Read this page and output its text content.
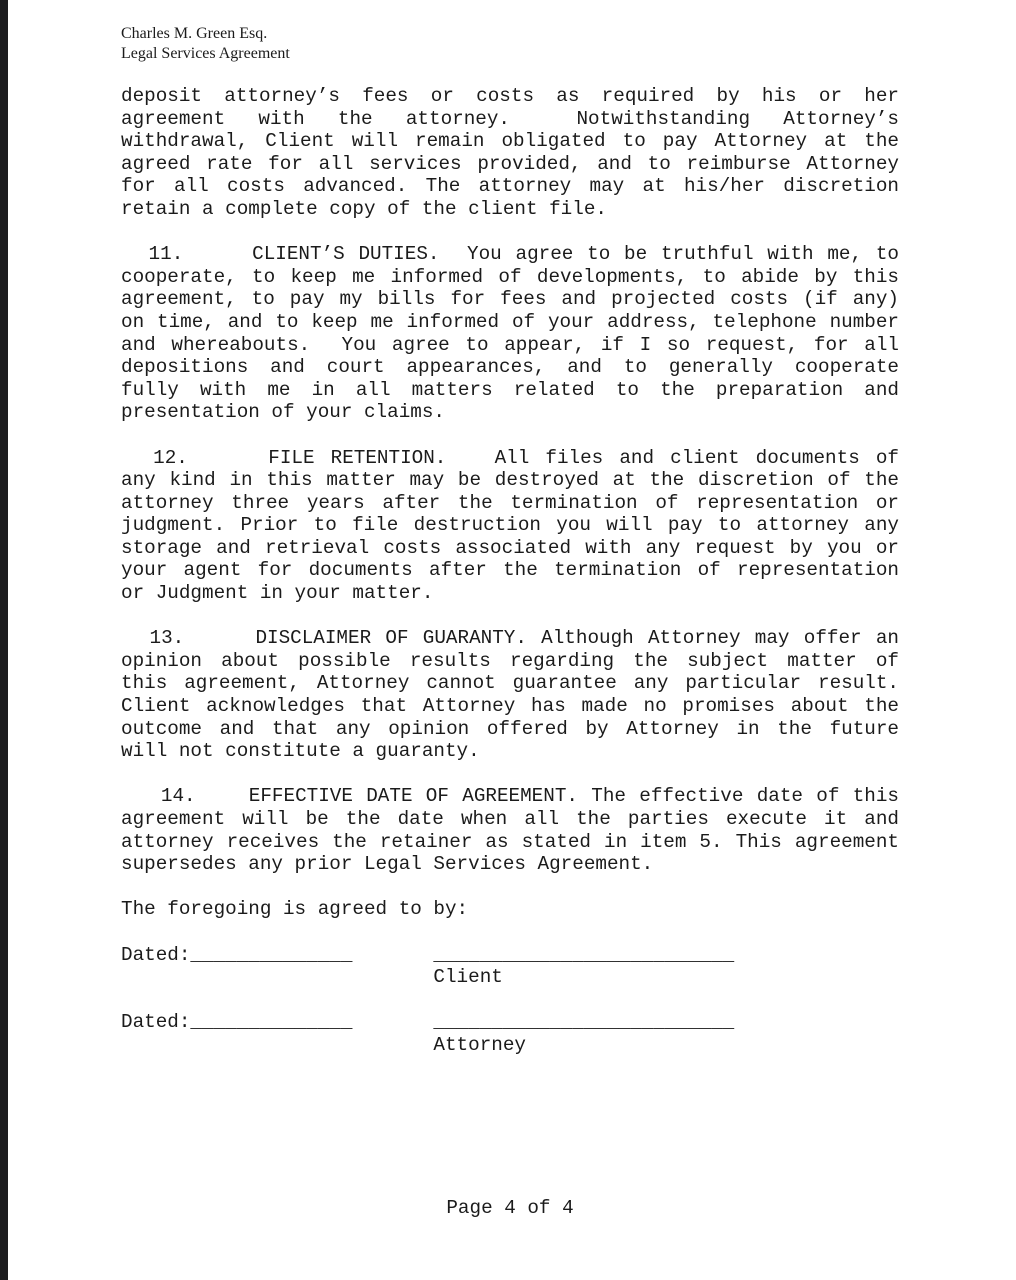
Charles M. Green Esq.
Legal Services Agreement
deposit attorney’s fees or costs as required by his or her
agreement with the attorney.  Notwithstanding Attorney’s
withdrawal, Client will remain obligated to pay Attorney at the
agreed rate for all services provided, and to reimburse Attorney
for all costs advanced. The attorney may at his/her discretion
retain a complete copy of the client file.
11.     CLIENT’S DUTIES.  You agree to be truthful with me, to
cooperate, to keep me informed of developments, to abide by this
agreement, to pay my bills for fees and projected costs (if any)
on time, and to keep me informed of your address, telephone number
and whereabouts.  You agree to appear, if I so request, for all
depositions and court appearances, and to generally cooperate
fully with me in all matters related to the preparation and
presentation of your claims.
12.     FILE RETENTION.   All files and client documents of
any kind in this matter may be destroyed at the discretion of the
attorney three years after the termination of representation or
judgment. Prior to file destruction you will pay to attorney any
storage and retrieval costs associated with any request by you or
your agent for documents after the termination of representation
or Judgment in your matter.
13.     DISCLAIMER OF GUARANTY. Although Attorney may offer an
opinion about possible results regarding the subject matter of
this agreement, Attorney cannot guarantee any particular result.
Client acknowledges that Attorney has made no promises about the
outcome and that any opinion offered by Attorney in the future
will not constitute a guaranty.
14.    EFFECTIVE DATE OF AGREEMENT. The effective date of this
agreement will be the date when all the parties execute it and
attorney receives the retainer as stated in item 5. This agreement
supersedes any prior Legal Services Agreement.
The foregoing is agreed to by:
Dated:______________       __________________________
Client
Dated:______________       __________________________
Attorney
Page 4 of 4
